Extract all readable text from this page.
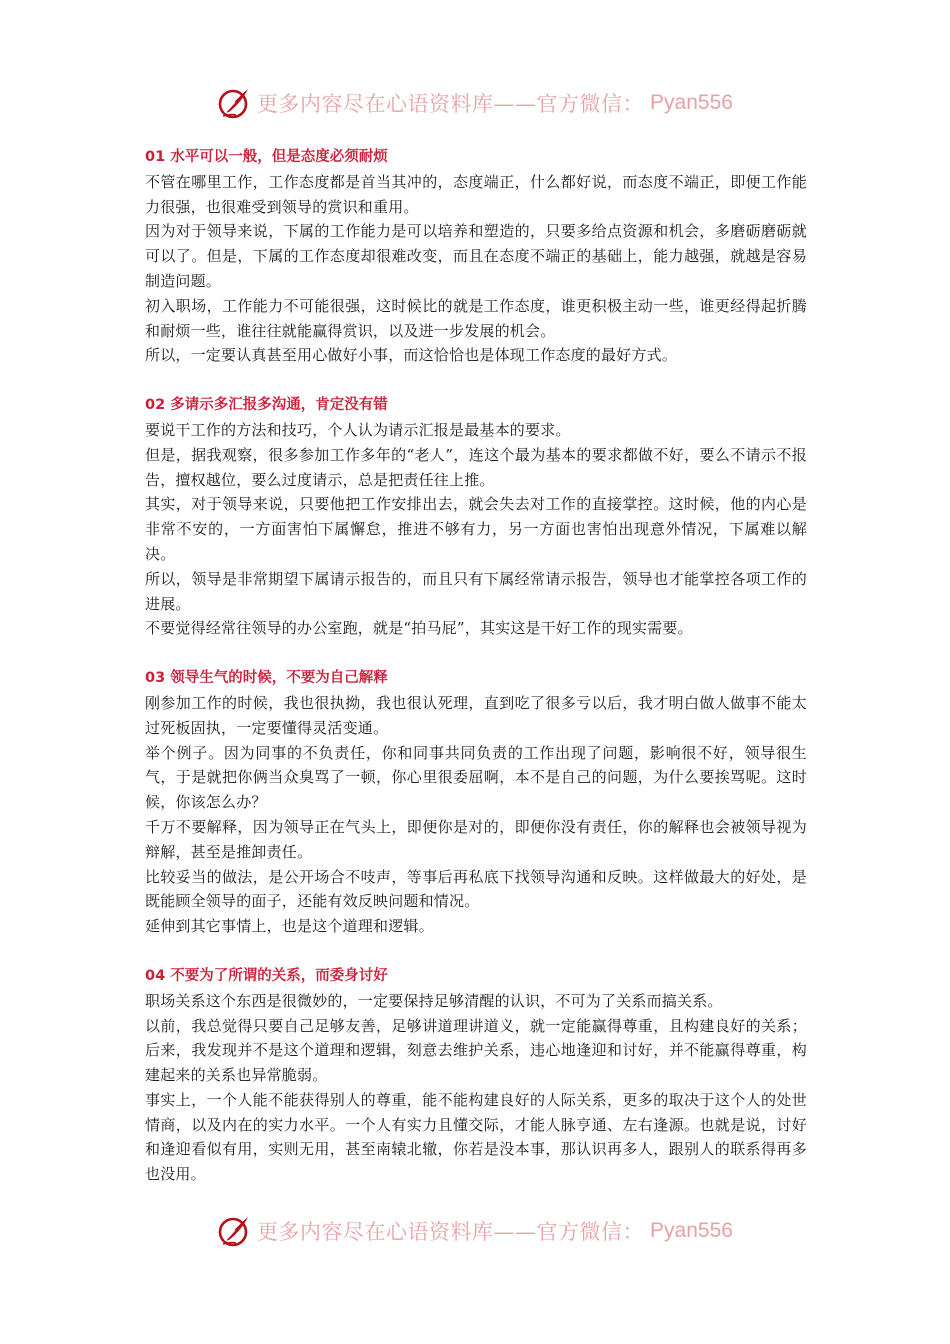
更多内容尽在心语资料库——官方微信： Pyan556

01 水平可以一般，但是态度必须耐烦

不管在哪里工作，工作态度都是首当其冲的，态度端正，什么都好说，而态度不端正，即便工作能力很强，也很难受到领导的赏识和重用。

因为对于领导来说，下属的工作能力是可以培养和塑造的，只要多给点资源和机会，多磨砺磨砺就可以了。但是，下属的工作态度却很难改变，而且在态度不端正的基础上，能力越强，就越是容易制造问题。

初入职场，工作能力不可能很强，这时候比的就是工作态度，谁更积极主动一些，谁更经得起折腾和耐烦一些，谁往往就能赢得赏识，以及进一步发展的机会。

所以，一定要认真甚至用心做好小事，而这恰恰也是体现工作态度的最好方式。

02 多请示多汇报多沟通，肯定没有错

要说干工作的方法和技巧，个人认为请示汇报是最基本的要求。

但是，据我观察，很多参加工作多年的“老人”，连这个最为基本的要求都做不好，要么不请示不报告，擅权越位，要么过度请示，总是把责任往上推。

其实，对于领导来说，只要他把工作安排出去，就会失去对工作的直接掌控。这时候，他的内心是非常不安的，一方面害怕下属懈怠，推进不够有力，另一方面也害怕出现意外情况，下属难以解决。

所以，领导是非常期望下属请示报告的，而且只有下属经常请示报告，领导也才能掌控各项工作的进展。

不要觉得经常往领导的办公室跑，就是“拍马屁”，其实这是干好工作的现实需要。

03 领导生气的时候，不要为自己解释

刚参加工作的时候，我也很执拗，我也很认死理，直到吃了很多亏以后，我才明白做人做事不能太过死板固执，一定要懂得灵活变通。

举个例子。因为同事的不负责任，你和同事共同负责的工作出现了问题，影响很不好，领导很生气，于是就把你俩当众臭骂了一顿，你心里很委屈啊，本不是自己的问题，为什么要挨骂呢。这时候，你该怎么办？

千万不要解释，因为领导正在气头上，即便你是对的，即便你没有责任，你的解释也会被领导视为辩解，甚至是推卸责任。

比较妥当的做法，是公开场合不吱声，等事后再私底下找领导沟通和反映。这样做最大的好处，是既能顾全领导的面子，还能有效反映问题和情况。

延伸到其它事情上，也是这个道理和逻辑。

04 不要为了所谓的关系，而委身讨好

职场关系这个东西是很微妙的，一定要保持足够清醒的认识，不可为了关系而搞关系。

以前，我总觉得只要自己足够友善，足够讲道理讲道义，就一定能赢得尊重，且构建良好的关系；后来，我发现并不是这个道理和逻辑，刻意去维护关系，违心地逢迎和讨好，并不能赢得尊重，构建起来的关系也异常脆弱。

事实上，一个人能不能获得别人的尊重，能不能构建良好的人际关系，更多的取决于这个人的处世情商，以及内在的实力水平。一个人有实力且懂交际，才能人脉亨通、左右逢源。也就是说，讨好和逢迎看似有用，实则无用，甚至南辕北辙，你若是没本事，那认识再多人，跟别人的联系得再多也没用。

更多内容尽在心语资料库——官方微信： Pyan556
